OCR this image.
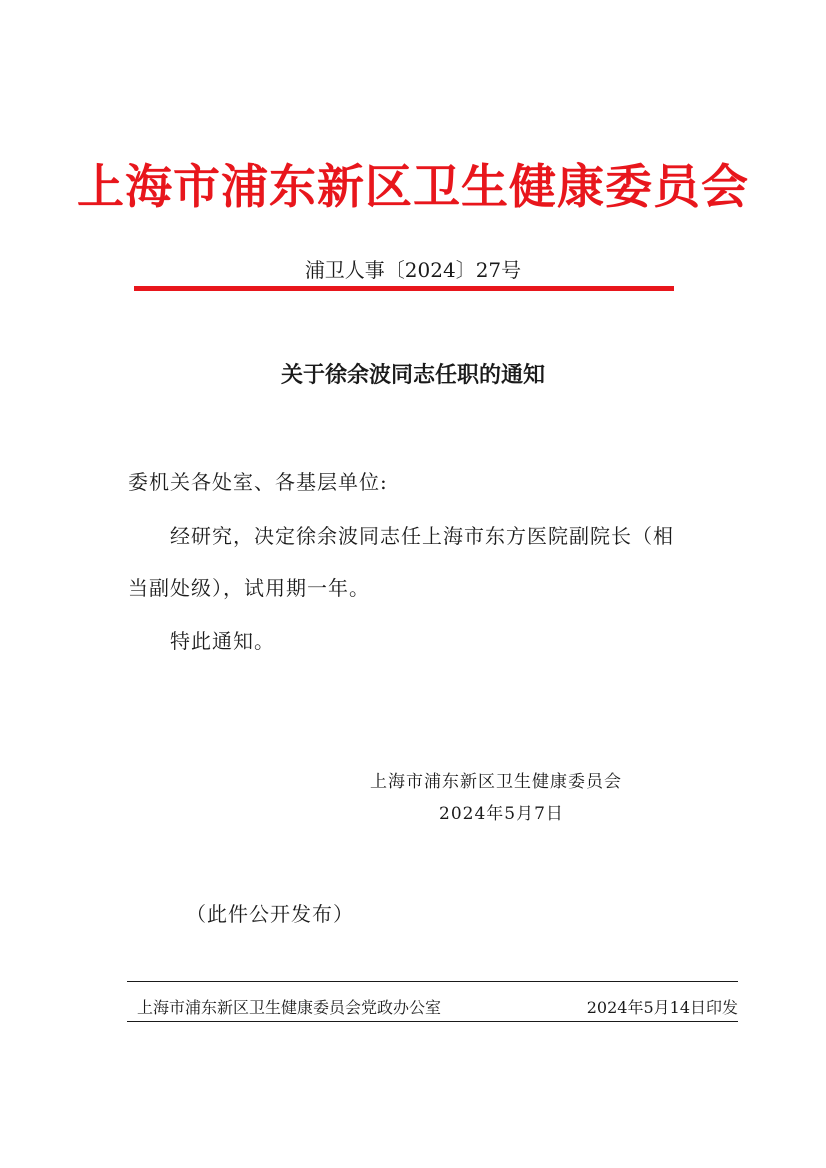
上海市浦东新区卫生健康委员会
浦卫人事〔2024〕27号
关于徐余波同志任职的通知
委机关各处室、各基层单位:
经研究，决定徐余波同志任上海市东方医院副院长（相
当副处级），试用期一年。
特此通知。
上海市浦东新区卫生健康委员会
2024年5月7日
（此件公开发布）
上海市浦东新区卫生健康委员会党政办公室	2024年5月14日印发
